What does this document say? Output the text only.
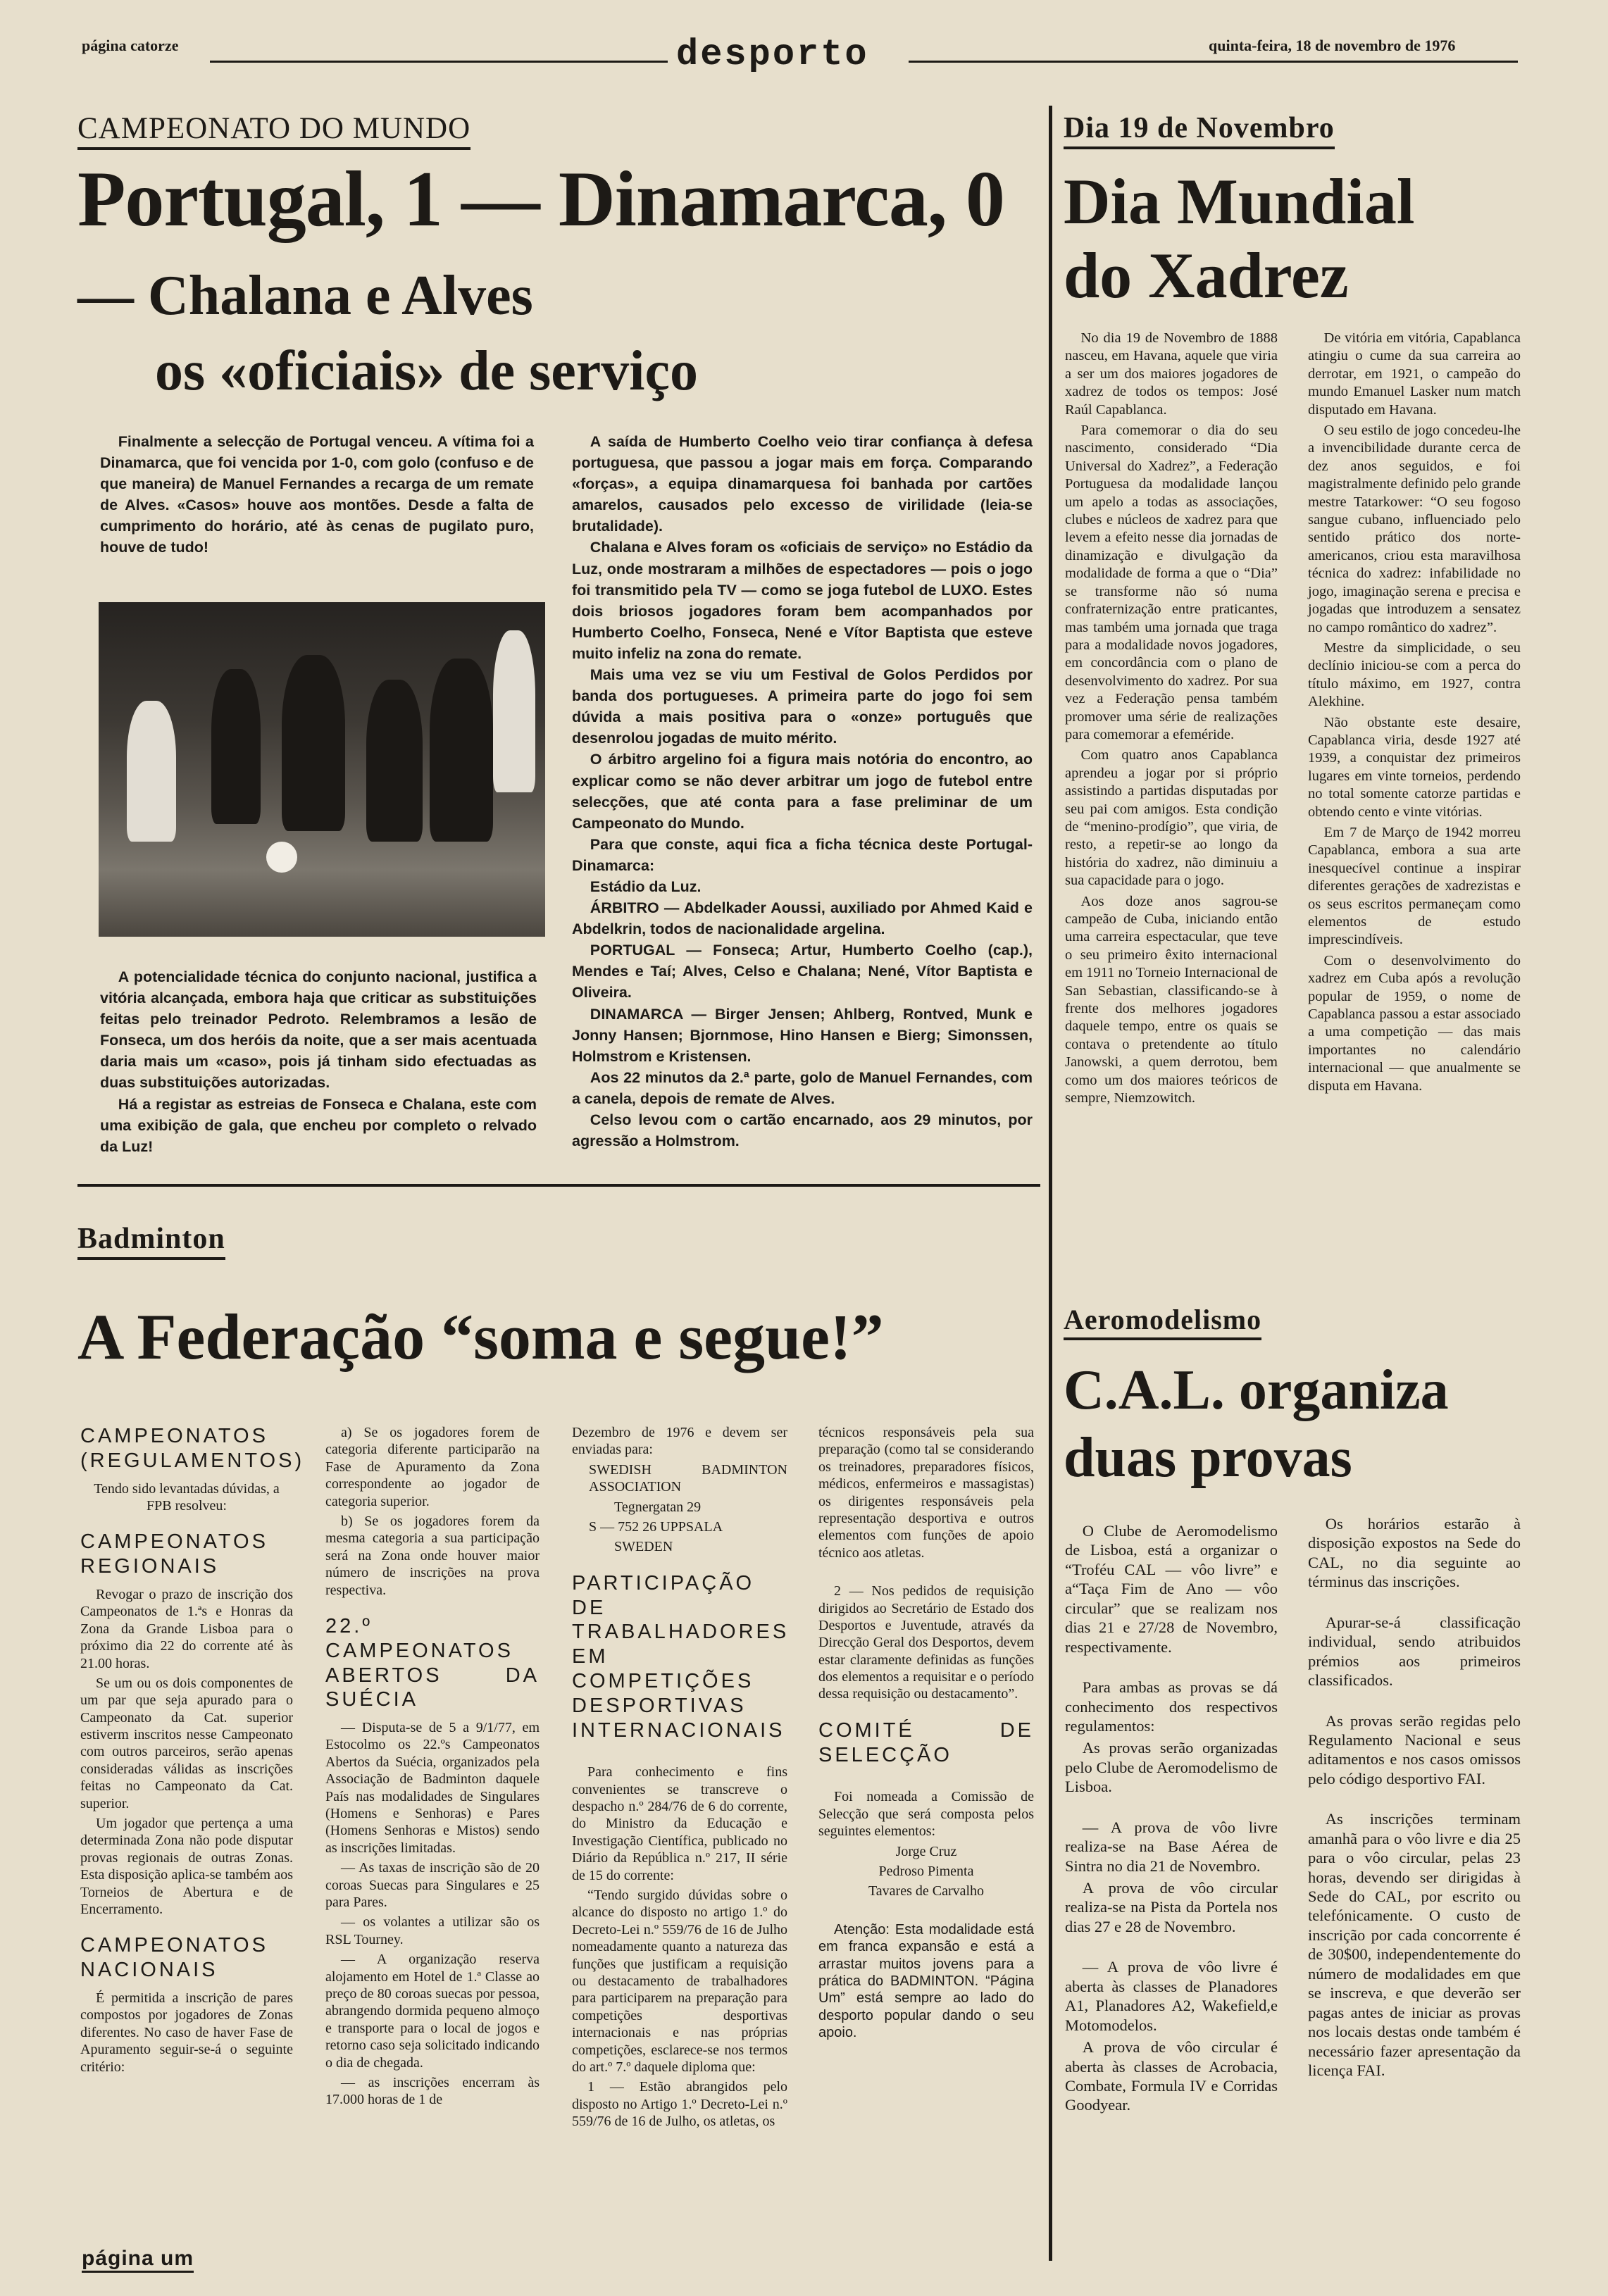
página catorze	desporto	quinta-feira, 18 de novembro de 1976
CAMPEONATO DO MUNDO
Portugal, 1 — Dinamarca, 0
— Chalana e Alves
os «oficiais» de serviço
Finalmente a selecção de Portugal venceu. A vítima foi a Dinamarca, que foi vencida por 1-0, com golo (confuso e de que maneira) de Manuel Fernandes a recarga de um remate de Alves. «Casos» houve aos montões. Desde a falta de cumprimento do horário, até às cenas de pugilato puro, houve de tudo!

A potencialidade técnica do conjunto nacional, justifica a vitória alcançada, embora haja que criticar as substituições feitas pelo treinador Pedroto. Relembramos a lesão de Fonseca, um dos heróis da noite, que a ser mais acentuada daria mais um «caso», pois já tinham sido efectuadas as duas substituições autorizadas.

Há a registar as estreias de Fonseca e Chalana, este com uma exibição de gala, que encheu por completo o relvado da Luz!

A saída de Humberto Coelho veio tirar confiança à defesa portuguesa, que passou a jogar mais em força. Comparando «forças», a equipa dinamarquesa foi banhada por cartões amarelos, causados pelo excesso de virilidade (leia-se brutalidade).

Chalana e Alves foram os «oficiais de serviço» no Estádio da Luz, onde mostraram a milhões de espectadores — pois o jogo foi transmitido pela TV — como se joga futebol de LUXO. Estes dois briosos jogadores foram bem acompanhados por Humberto Coelho, Fonseca, Nené e Vítor Baptista que esteve muito infeliz na zona do remate.

Mais uma vez se viu um Festival de Golos Perdidos por banda dos portugueses. A primeira parte do jogo foi sem dúvida a mais positiva para o «onze» português que desenrolou jogadas de muito mérito.

O árbitro argelino foi a figura mais notória do encontro, ao explicar como se não dever arbitrar um jogo de futebol entre selecções, que até conta para a fase preliminar de um Campeonato do Mundo.

Para que conste, aqui fica a ficha técnica deste Portugal-Dinamarca:

Estádio da Luz.

ÁRBITRO — Abdelkader Aoussi, auxiliado por Ahmed Kaid e Abdelkrin, todos de nacionalidade argelina.

PORTUGAL — Fonseca; Artur, Humberto Coelho (cap.), Mendes e Taí; Alves, Celso e Chalana; Nené, Vítor Baptista e Oliveira.

DINAMARCA — Birger Jensen; Ahlberg, Rontved, Munk e Jonny Hansen; Bjornmose, Hino Hansen e Bierg; Simonssen, Holmstrom e Kristensen.

Aos 22 minutos da 2.ª parte, golo de Manuel Fernandes, com a canela, depois de remate de Alves.

Celso levou com o cartão encarnado, aos 29 minutos, por agressão a Holmstrom.

Dia 19 de Novembro
Dia Mundial
do Xadrez

No dia 19 de Novembro de 1888 nasceu, em Havana, aquele que viria a ser um dos maiores jogadores de xadrez de todos os tempos: José Raúl Capablanca.

Para comemorar o dia do seu nascimento, considerado “Dia Universal do Xadrez”, a Federação Portuguesa da modalidade lançou um apelo a todas as associações, clubes e núcleos de xadrez para que levem a efeito nesse dia jornadas de dinamização e divulgação da modalidade de forma a que o “Dia” se transforme não só numa confraternização entre praticantes, mas também uma jornada que traga para a modalidade novos jogadores, em concordância com o plano de desenvolvimento do xadrez. Por sua vez a Federação pensa também promover uma série de realizações para comemorar a efeméride.

Com quatro anos Capablanca aprendeu a jogar por si próprio assistindo a partidas disputadas por seu pai com amigos. Esta condição de “menino-prodígio”, que viria, de resto, a repetir-se ao longo da história do xadrez, não diminuiu a sua capacidade para o jogo.

Aos doze anos sagrou-se campeão de Cuba, iniciando então uma carreira espectacular, que teve o seu primeiro êxito internacional em 1911 no Torneio Internacional de San Sebastian, classificando-se à frente dos melhores jogadores daquele tempo, entre os quais se contava o pretendente ao título Janowski, a quem derrotou, bem como um dos maiores teóricos de sempre, Niemzowitch.

De vitória em vitória, Capablanca atingiu o cume da sua carreira ao derrotar, em 1921, o campeão do mundo Emanuel Lasker num match disputado em Havana.

O seu estilo de jogo concedeu-lhe a invencibilidade durante cerca de dez anos seguidos, e foi magistralmente definido pelo grande mestre Tatarkower: “O seu fogoso sangue cubano, influenciado pelo sentido prático dos norte-americanos, criou esta maravilhosa técnica do xadrez: infabilidade no jogo, imaginação serena e precisa e jogadas que introduzem a sensatez no campo romântico do xadrez”.

Mestre da simplicidade, o seu declínio iniciou-se com a perca do título máximo, em 1927, contra Alekhine.

Não obstante este desaire, Capablanca viria, desde 1927 até 1939, a conquistar dez primeiros lugares em vinte torneios, perdendo no total somente catorze partidas e obtendo cento e vinte vitórias.

Em 7 de Março de 1942 morreu Capablanca, embora a sua arte inesquecível continue a inspirar diferentes gerações de xadrezistas e os seus escritos permaneçam como elementos de estudo imprescindíveis.

Com o desenvolvimento do xadrez em Cuba após a revolução popular de 1959, o nome de Capablanca passou a estar associado a uma competição — das mais importantes no calendário internacional — que anualmente se disputa em Havana.

Badminton
A Federação “soma e segue!”
CAMPEONATOS (REGULAMENTOS)

Tendo sido levantadas dúvidas, a FPB resolveu:

CAMPEONATOS REGIONAIS

Revogar o prazo de inscrição dos Campeonatos de 1.ªs e Honras da Zona da Grande Lisboa para o próximo dia 22 do corrente até às 21.00 horas.

Se um ou os dois componentes de um par que seja apurado para o Campeonato da Cat. superior estiverm inscritos nesse Campeonato com outros parceiros, serão apenas consideradas válidas as inscrições feitas no Campeonato da Cat. superior.

Um jogador que pertença a uma determinada Zona não pode disputar provas regionais de outras Zonas. Esta disposição aplica-se também aos Torneios de Abertura e de Encerramento.

CAMPEONATOS NACIONAIS

É permitida a inscrição de pares compostos por jogadores de Zonas diferentes. No caso de haver Fase de Apuramento seguir-se-á o seguinte critério:

a) Se os jogadores forem de categoria diferente participarão na Fase de Apuramento da Zona correspondente ao jogador de categoria superior.

b) Se os jogadores forem da mesma categoria a sua participação será na Zona onde houver maior número de inscrições na prova respectiva.

22.º CAMPEONATOS ABERTOS DA SUÉCIA

— Disputa-se de 5 a 9/1/77, em Estocolmo os 22.ºs Campeonatos Abertos da Suécia, organizados pela Associação de Badminton daquele País nas modalidades de Singulares (Homens e Senhoras) e Pares (Homens Senhoras e Mistos) sendo as inscrições limitadas.

— As taxas de inscrição são de 20 coroas Suecas para Singulares e 25 para Pares.

— os volantes a utilizar são os RSL Tourney.

— A organização reserva alojamento em Hotel de 1.ª Classe ao preço de 80 coroas suecas por pessoa, abrangendo dormida pequeno almoço e transporte para o local de jogos e retorno caso seja solicitado indicando o dia de chegada.

— as inscrições encerram às 17.000 horas de 1 de

Dezembro de 1976 e devem ser enviadas para:

SWEDISH BADMINTON ASSOCIATION

Tegnergatan 29

S — 752 26 UPPSALA

SWEDEN

PARTICIPAÇÃO DE TRABALHADORES EM COMPETIÇÕES DESPORTIVAS INTERNACIONAIS

Para conhecimento e fins convenientes se transcreve o despacho n.º 284/76 de 6 do corrente, do Ministro da Educação e Investigação Científica, publicado no Diário da República n.º 217, II série de 15 do corrente:

“Tendo surgido dúvidas sobre o alcance do disposto no artigo 1.º do Decreto-Lei n.º 559/76 de 16 de Julho nomeadamente quanto a natureza das funções que justificam a requisição ou destacamento de trabalhadores para participarem na preparação para competições desportivas internacionais e nas próprias competições, esclarece-se nos termos do art.º 7.º daquele diploma que:

1 — Estão abrangidos pelo disposto no Artigo 1.º Decreto-Lei n.º 559/76 de 16 de Julho, os atletas, os

técnicos responsáveis pela sua preparação (como tal se considerando os treinadores, preparadores físicos, médicos, enfermeiros e massagistas) os dirigentes responsáveis pela representação desportiva e outros elementos com funções de apoio técnico aos atletas.

2 — Nos pedidos de requisição dirigidos ao Secretário de Estado dos Desportos e Juventude, através da Direcção Geral dos Desportos, devem estar claramente definidas as funções dos elementos a requisitar e o período dessa requisição ou destacamento”.

COMITÉ DE SELECÇÃO

Foi nomeada a Comissão de Selecção que será composta pelos seguintes elementos:

Jorge Cruz

Pedroso Pimenta

Tavares de Carvalho

Atenção: Esta modalidade está em franca expansão e está a arrastar muitos jovens para a prática do BADMINTON. “Página Um” está sempre ao lado do desporto popular dando o seu apoio.

Aeromodelismo
C.A.L. organiza
duas provas

O Clube de Aeromodelismo de Lisboa, está a organizar o “Troféu CAL — vôo livre” e a“Taça Fim de Ano — vôo circular” que se realizam nos dias 21 e 27/28 de Novembro, respectivamente.

Para ambas as provas se dá conhecimento dos respectivos regulamentos:

As provas serão organizadas pelo Clube de Aeromodelismo de Lisboa.

— A prova de vôo livre realiza-se na Base Aérea de Sintra no dia 21 de Novembro.

A prova de vôo circular realiza-se na Pista da Portela nos dias 27 e 28 de Novembro.

— A prova de vôo livre é aberta às classes de Planadores A1, Planadores A2, Wakefield,e Motomodelos.

A prova de vôo circular é aberta às classes de Acrobacia, Combate, Formula IV e Corridas Goodyear.

Os horários estarão à disposição expostos na Sede do CAL, no dia seguinte ao términus das inscrições.

Apurar-se-á classificação individual, sendo atribuidos prémios aos primeiros classificados.

As provas serão regidas pelo Regulamento Nacional e seus aditamentos e nos casos omissos pelo código desportivo FAI.

As inscrições terminam amanhã para o vôo livre e dia 25 para o vôo circular, pelas 23 horas, devendo ser dirigidas à Sede do CAL, por escrito ou telefónicamente. O custo de inscrição por cada concorrente é de 30$00, independentemente do número de modalidades em que se inscreva, e que deverão ser pagas antes de iniciar as provas nos locais destas onde também é necessário fazer apresentação da licença FAI.

página um
